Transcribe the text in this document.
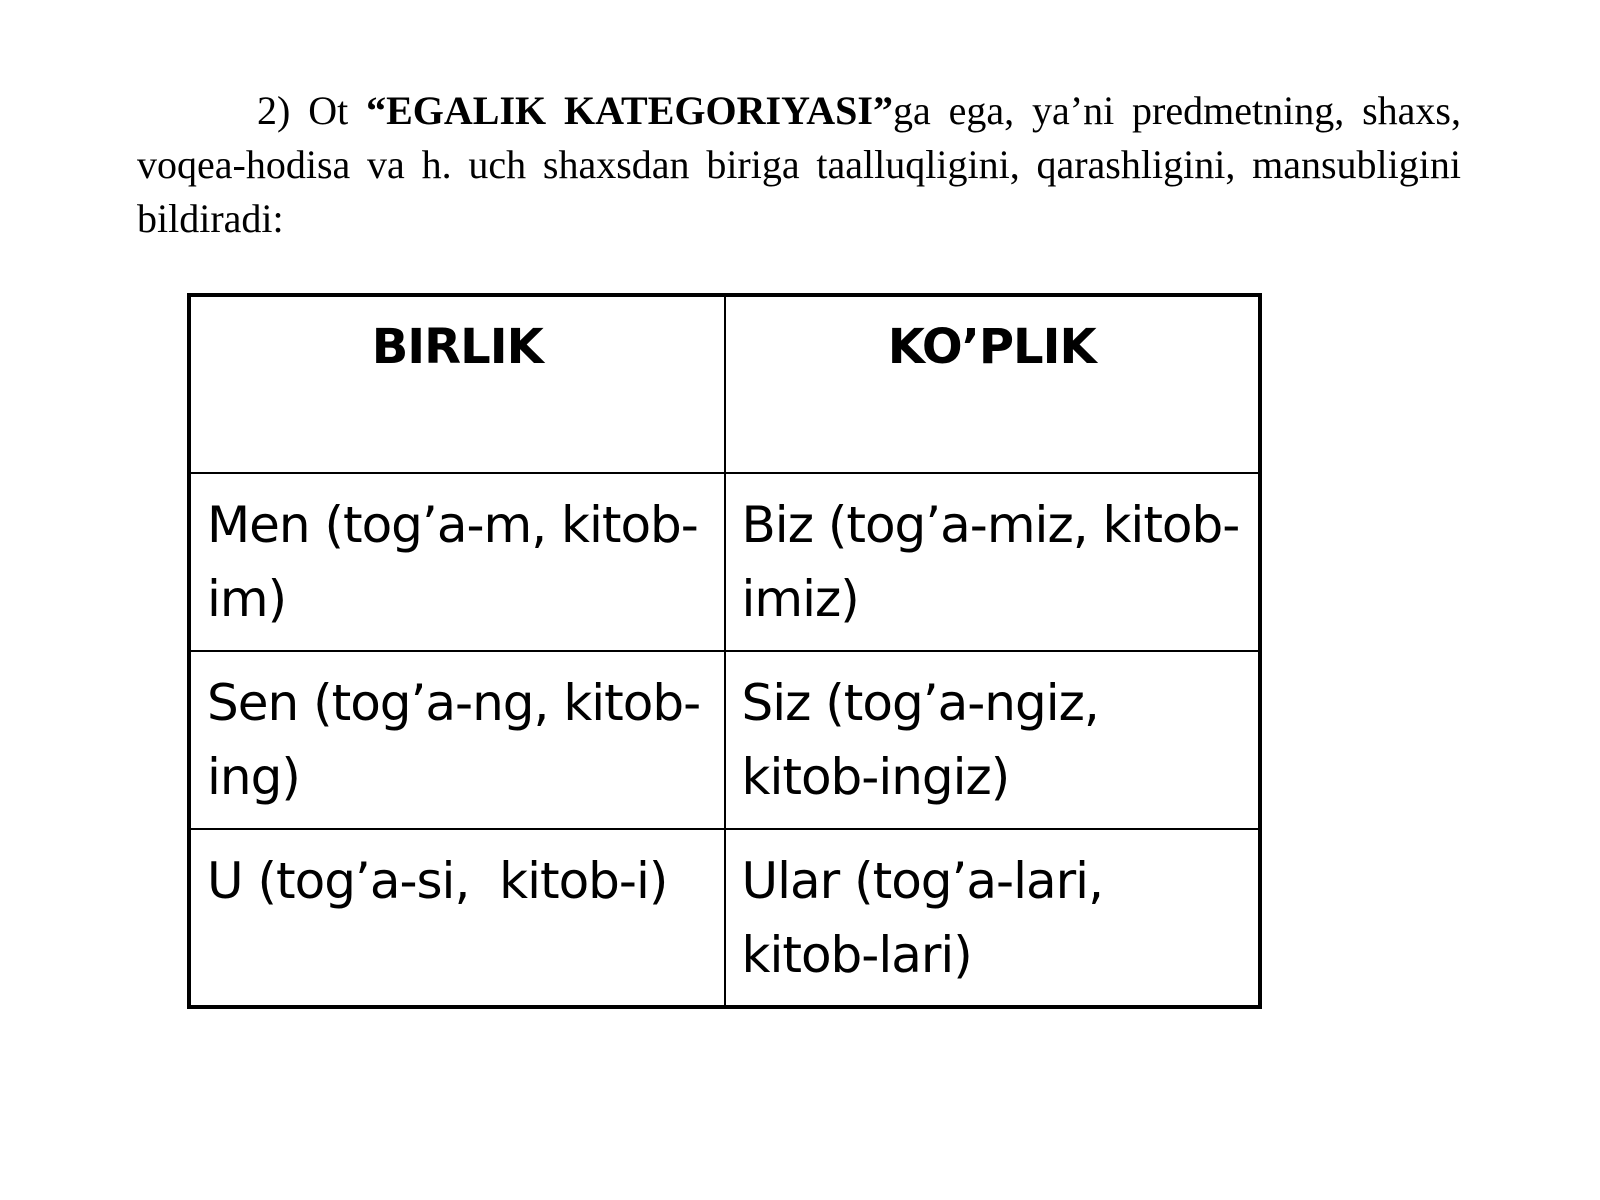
2) Ot “EGALIK KATEGORIYASI”ga ega, ya’ni predmetning, shaxs, voqea-hodisa va h. uch shaxsdan biriga taalluqligini, qarashligini, mansubligini bildiradi:

BIRLIK	KO’PLIK
Men (tog’a-m, kitob-im)	Biz (tog’a-miz, kitob-imiz)
Sen (tog’a-ng, kitob-ing)	Siz (tog’a-ngiz, kitob-ingiz)
U (tog’a-si,  kitob-i)	Ular (tog’a-lari, kitob-lari)
